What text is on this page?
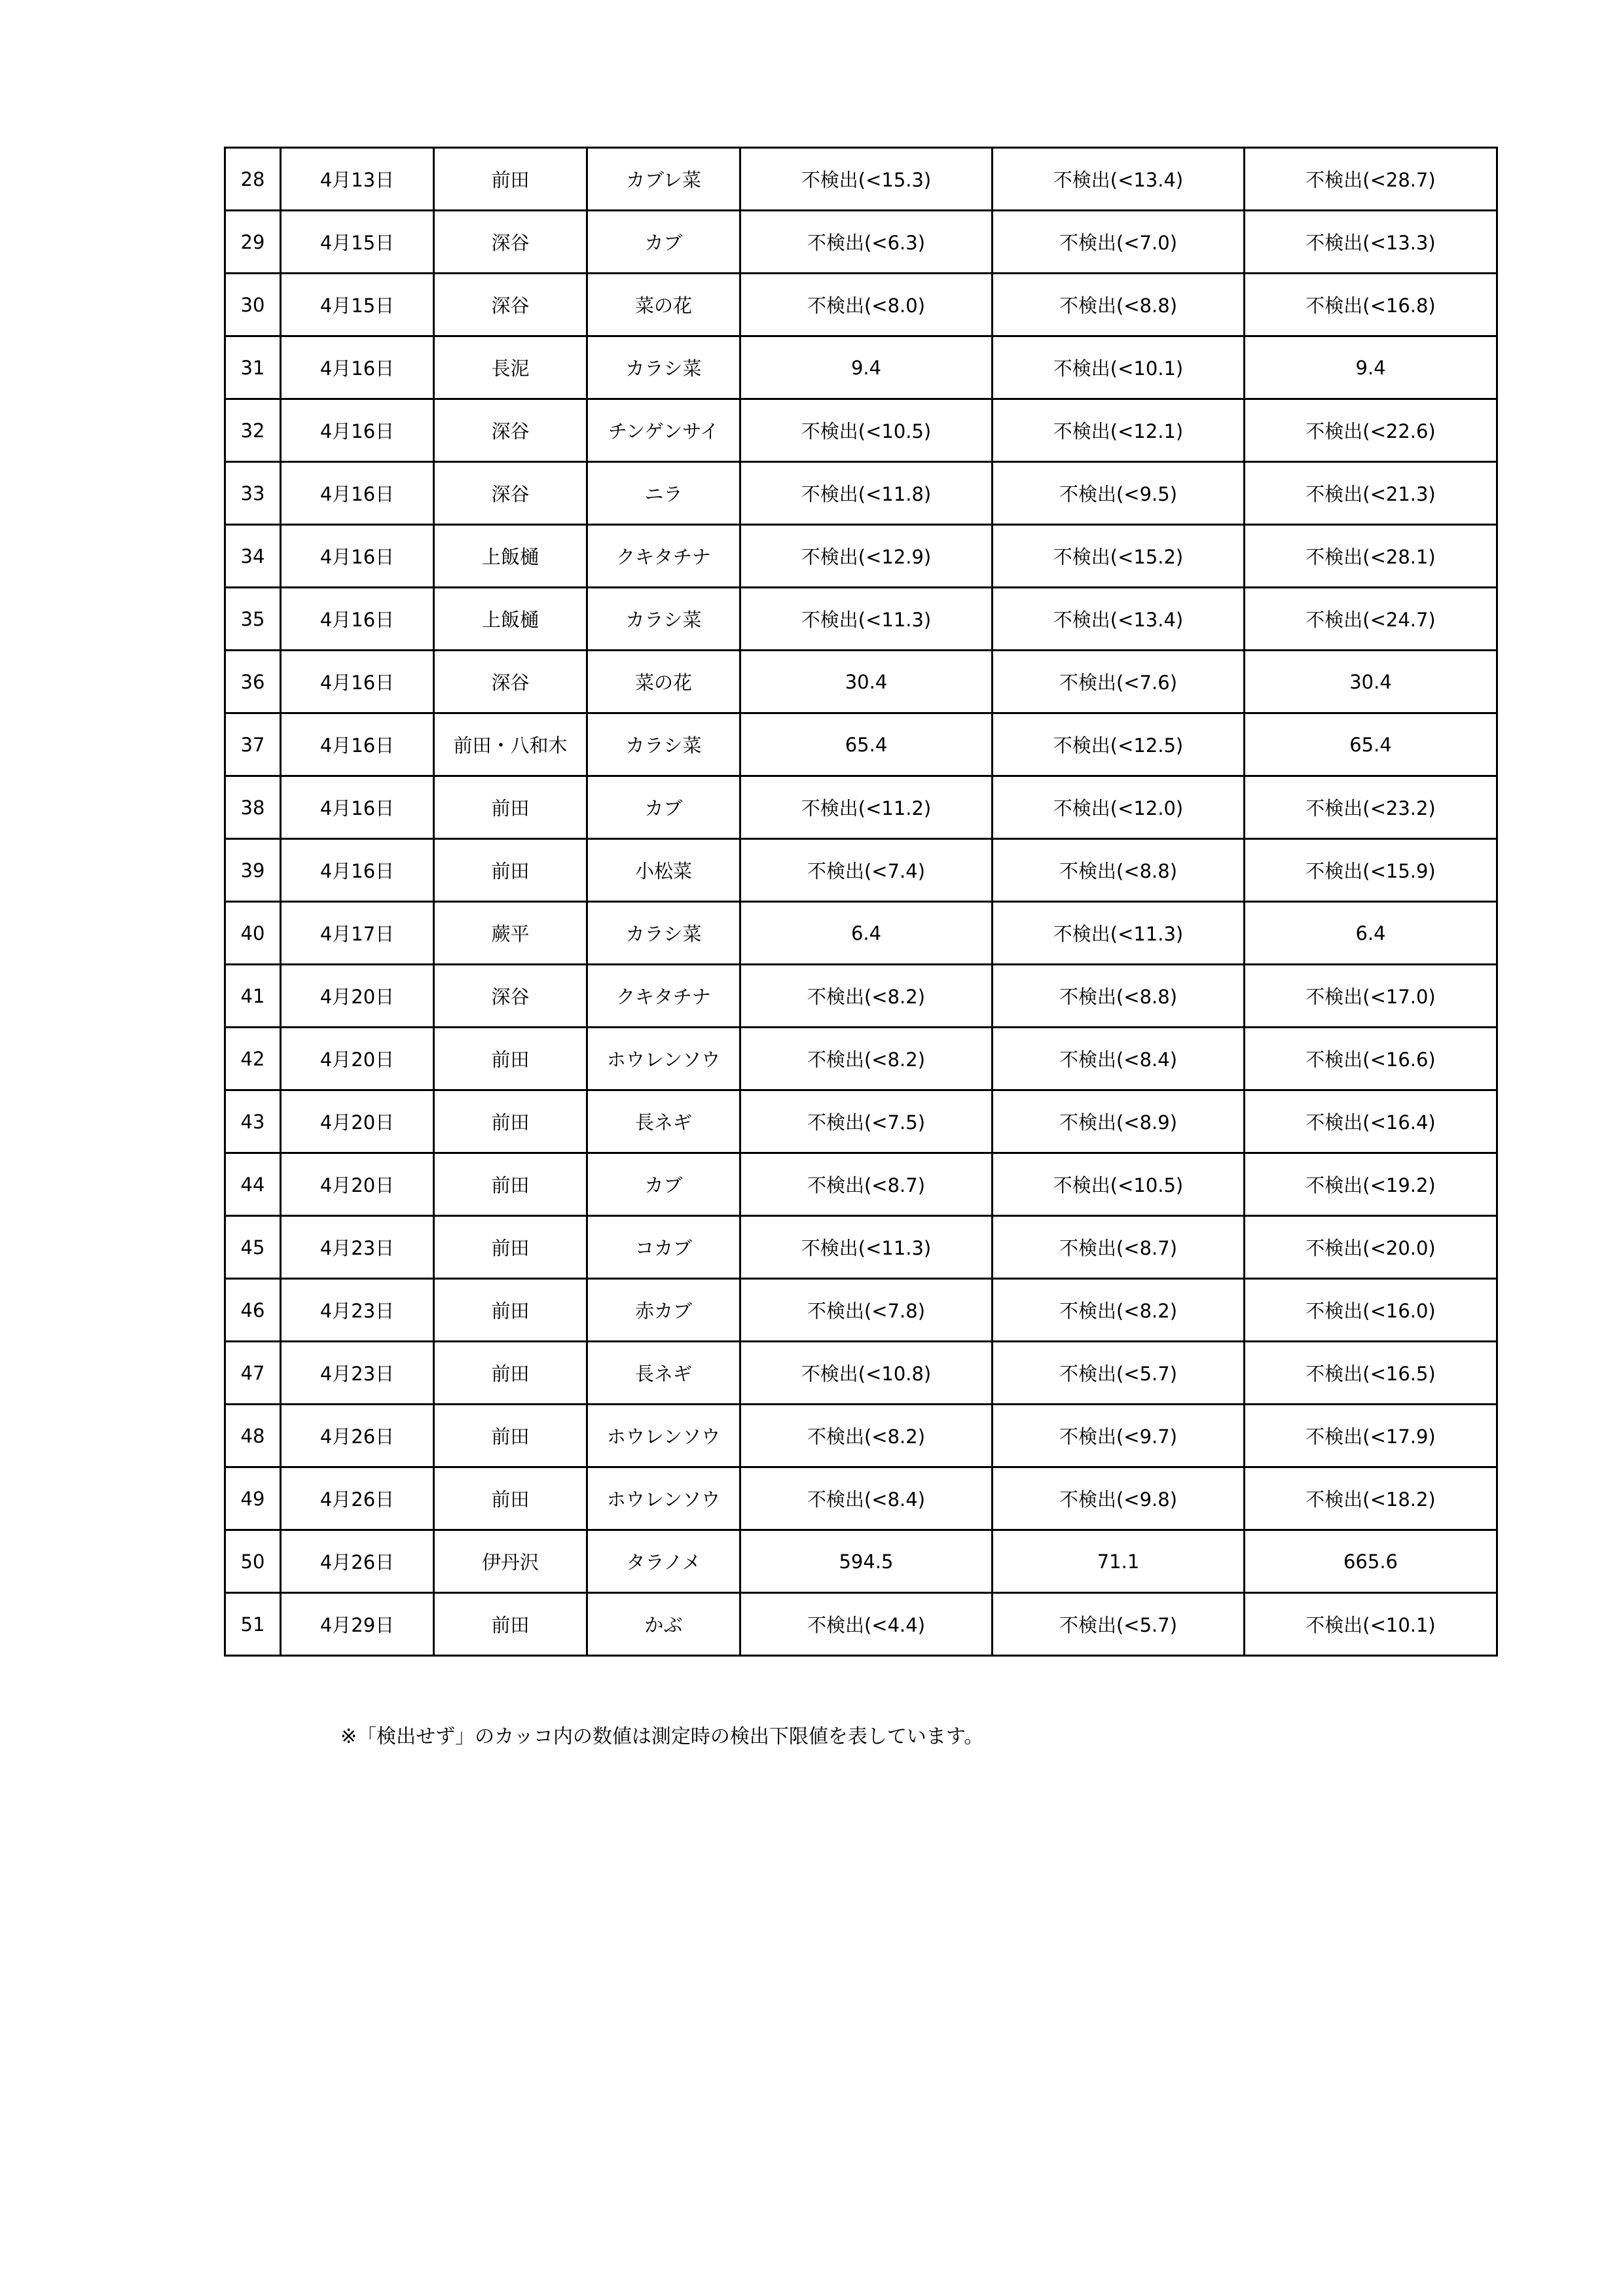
28	4月13日	前田	カブレ菜	不検出(<15.3)	不検出(<13.4)	不検出(<28.7)
29	4月15日	深谷	カブ	不検出(<6.3)	不検出(<7.0)	不検出(<13.3)
30	4月15日	深谷	菜の花	不検出(<8.0)	不検出(<8.8)	不検出(<16.8)
31	4月16日	長泥	カラシ菜	9.4	不検出(<10.1)	9.4
32	4月16日	深谷	チンゲンサイ	不検出(<10.5)	不検出(<12.1)	不検出(<22.6)
33	4月16日	深谷	ニラ	不検出(<11.8)	不検出(<9.5)	不検出(<21.3)
34	4月16日	上飯樋	クキタチナ	不検出(<12.9)	不検出(<15.2)	不検出(<28.1)
35	4月16日	上飯樋	カラシ菜	不検出(<11.3)	不検出(<13.4)	不検出(<24.7)
36	4月16日	深谷	菜の花	30.4	不検出(<7.6)	30.4
37	4月16日	前田・八和木	カラシ菜	65.4	不検出(<12.5)	65.4
38	4月16日	前田	カブ	不検出(<11.2)	不検出(<12.0)	不検出(<23.2)
39	4月16日	前田	小松菜	不検出(<7.4)	不検出(<8.8)	不検出(<15.9)
40	4月17日	蕨平	カラシ菜	6.4	不検出(<11.3)	6.4
41	4月20日	深谷	クキタチナ	不検出(<8.2)	不検出(<8.8)	不検出(<17.0)
42	4月20日	前田	ホウレンソウ	不検出(<8.2)	不検出(<8.4)	不検出(<16.6)
43	4月20日	前田	長ネギ	不検出(<7.5)	不検出(<8.9)	不検出(<16.4)
44	4月20日	前田	カブ	不検出(<8.7)	不検出(<10.5)	不検出(<19.2)
45	4月23日	前田	コカブ	不検出(<11.3)	不検出(<8.7)	不検出(<20.0)
46	4月23日	前田	赤カブ	不検出(<7.8)	不検出(<8.2)	不検出(<16.0)
47	4月23日	前田	長ネギ	不検出(<10.8)	不検出(<5.7)	不検出(<16.5)
48	4月26日	前田	ホウレンソウ	不検出(<8.2)	不検出(<9.7)	不検出(<17.9)
49	4月26日	前田	ホウレンソウ	不検出(<8.4)	不検出(<9.8)	不検出(<18.2)
50	4月26日	伊丹沢	タラノメ	594.5	71.1	665.6
51	4月29日	前田	かぶ	不検出(<4.4)	不検出(<5.7)	不検出(<10.1)
※「検出せず」のカッコ内の数値は測定時の検出下限値を表しています。
